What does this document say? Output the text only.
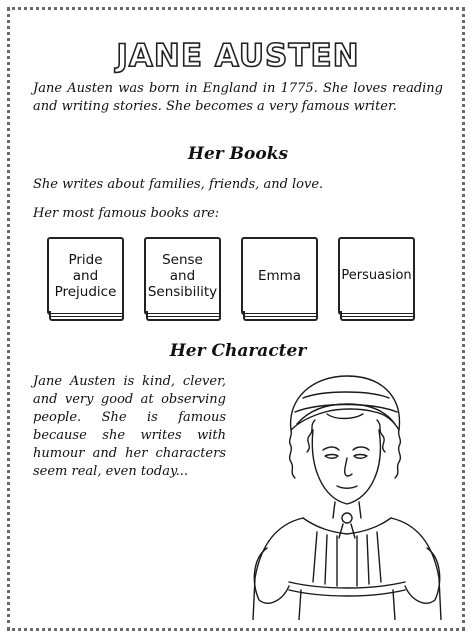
JANE AUSTEN
Jane Austen was born in England in 1775. She loves reading and writing stories. She becomes a very famous writer.
Her Books
She writes about families, friends, and love.
Her most famous books are:
Pride
and
Prejudice
Sense
and
Sensibility
Emma	Persuasion
Her Character
Jane Austen is kind, clever, and very good at observing people. She is famous because she writes with humour and her characters seem real, even today...
